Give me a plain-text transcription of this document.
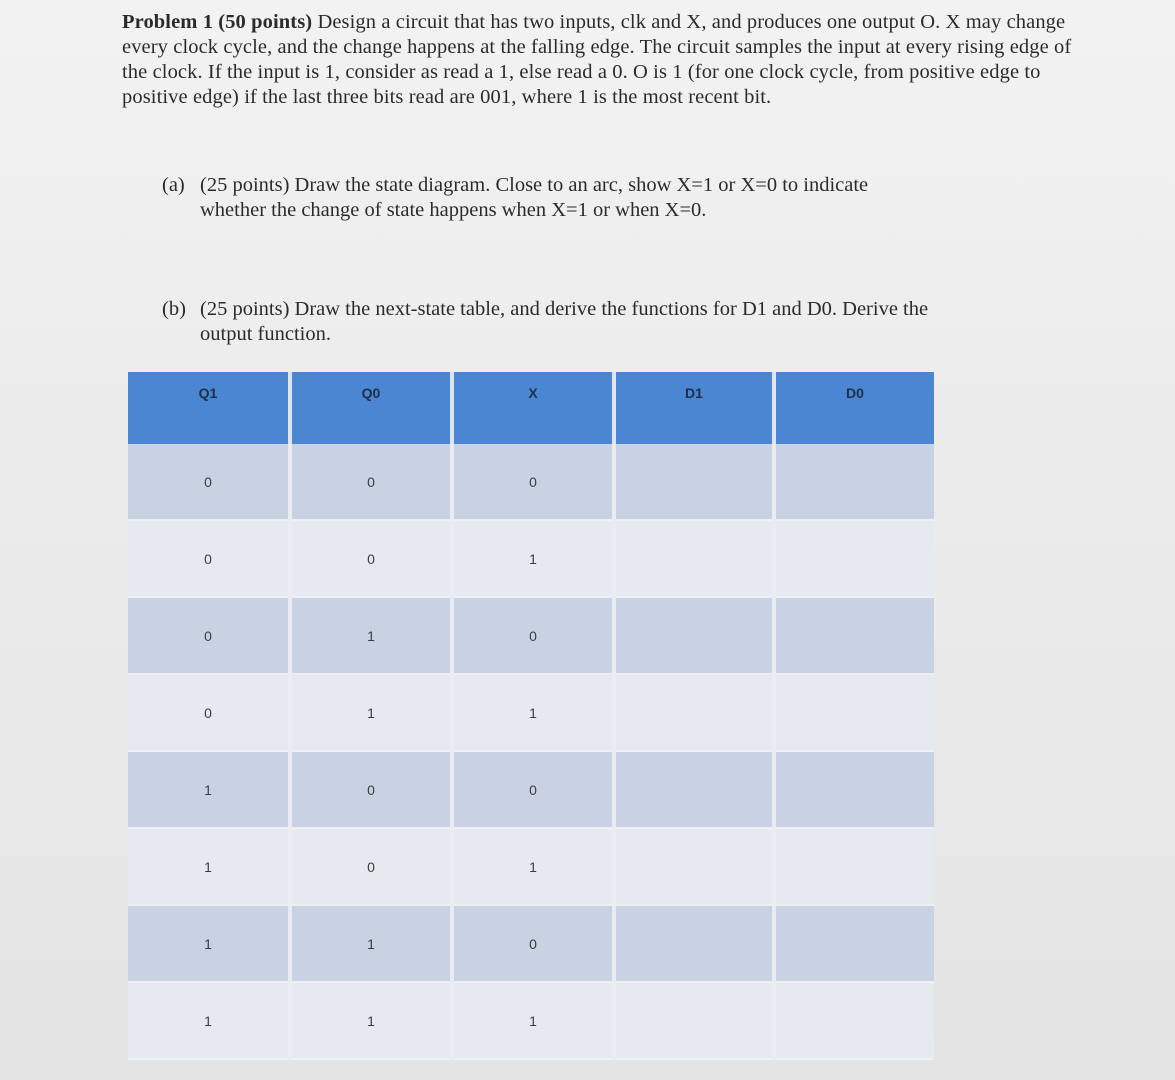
Problem 1 (50 points) Design a circuit that has two inputs, clk and X, and produces one output O. X may change every clock cycle, and the change happens at the falling edge. The circuit samples the input at every rising edge of the clock. If the input is 1, consider as read a 1, else read a 0. O is 1 (for one clock cycle, from positive edge to positive edge) if the last three bits read are 001, where 1 is the most recent bit.
(a) (25 points) Draw the state diagram. Close to an arc, show X=1 or X=0 to indicate
whether the change of state happens when X=1 or when X=0.
(b) (25 points) Draw the next-state table, and derive the functions for D1 and D0. Derive the
output function.
Q1	Q0	X	D1	D0
0	0	0		
0	0	1		
0	1	0		
0	1	1		
1	0	0		
1	0	1		
1	1	0		
1	1	1		
